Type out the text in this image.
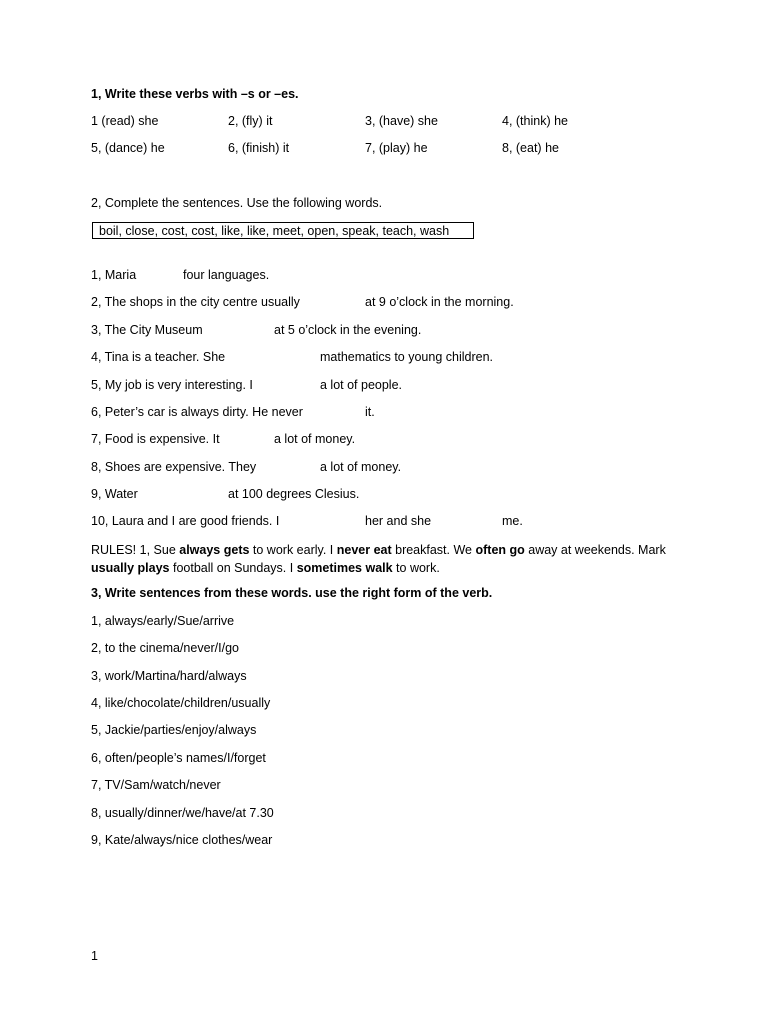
1, Write these verbs with –s or –es.
1 (read) she	2, (fly) it	3, (have) she	4, (think) he
5, (dance) he	6, (finish) it	7, (play) he	8, (eat) he
2, Complete the sentences. Use the following words.
boil, close, cost, cost, like, like, meet, open, speak, teach, wash
1, Maria	four languages.
2, The shops in the city centre usually	at 9 o’clock in the morning.
3, The City Museum	at 5 o’clock in the evening.
4, Tina is a teacher. She	mathematics to young children.
5, My job is very interesting. I	a lot of people.
6, Peter’s car is always dirty. He never	it.
7, Food is expensive. It	a lot of money.
8, Shoes are expensive. They	a lot of money.
9, Water	at 100 degrees Clesius.
10, Laura and I are good friends. I	her and she	me.
RULES! 1, Sue always gets to work early. I never eat breakfast. We often go away at weekends. Mark usually plays football on Sundays. I sometimes walk to work.
3, Write sentences from these words. use the right form of the verb.
1, always/early/Sue/arrive
2, to the cinema/never/I/go
3, work/Martina/hard/always
4, like/chocolate/children/usually
5, Jackie/parties/enjoy/always
6, often/people’s names/I/forget
7, TV/Sam/watch/never
8, usually/dinner/we/have/at 7.30
9, Kate/always/nice clothes/wear
1
